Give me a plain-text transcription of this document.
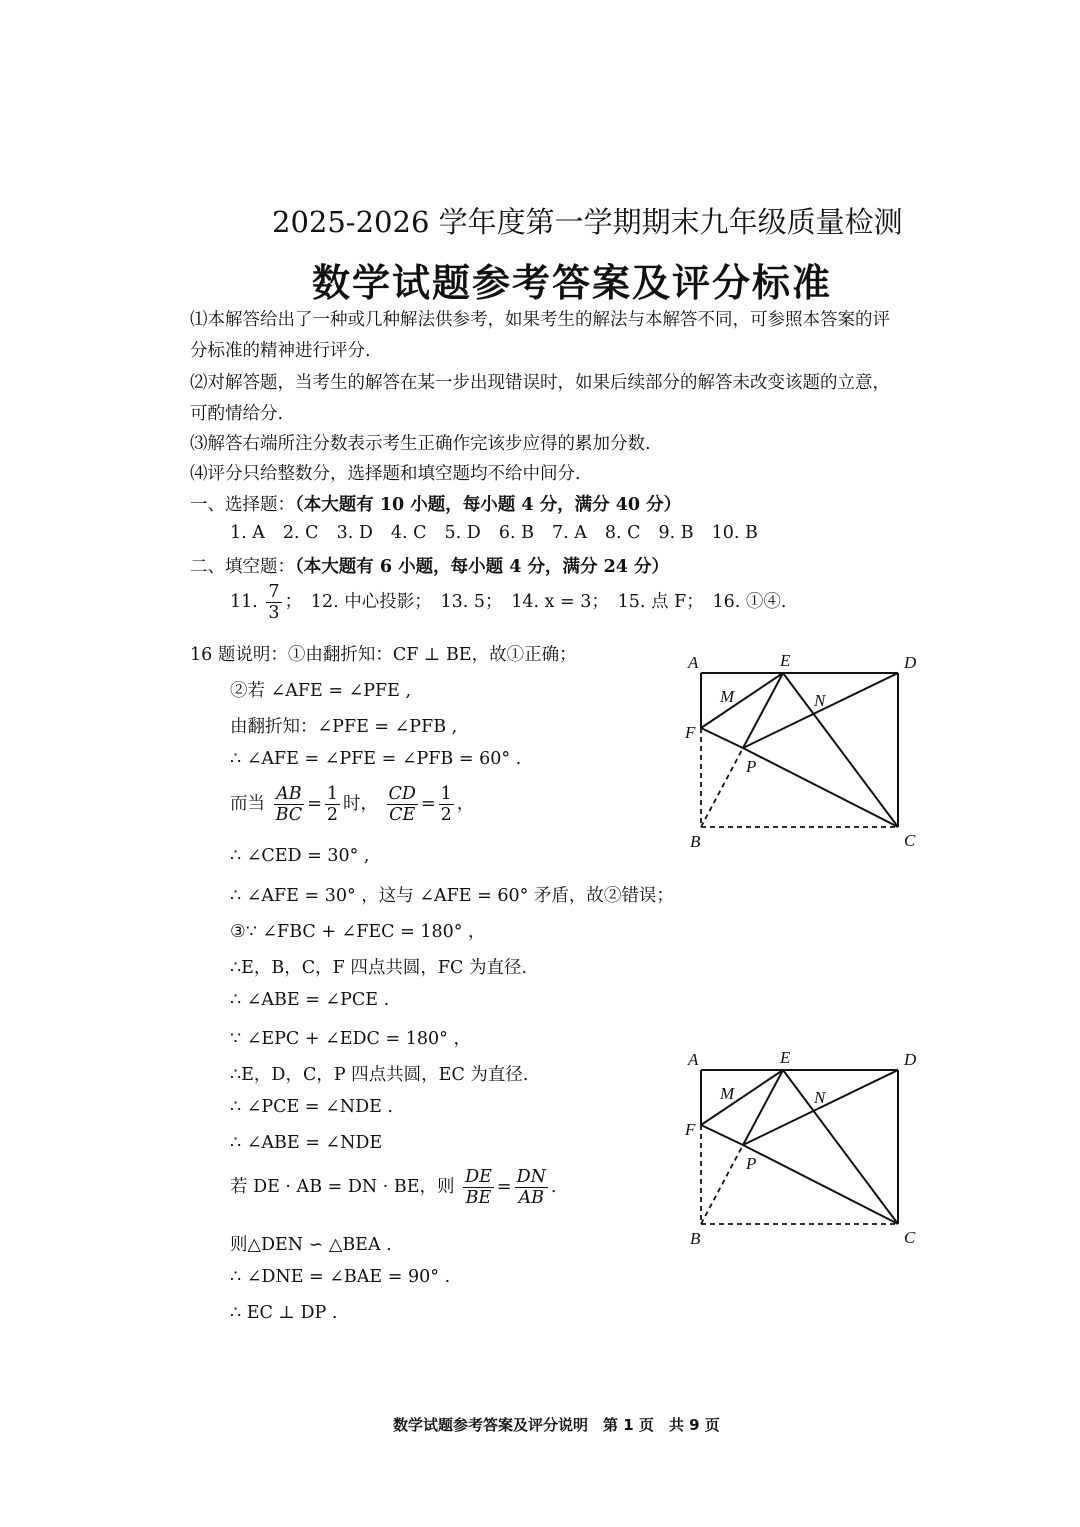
2025-2026 学年度第一学期期末九年级质量检测
数学试题参考答案及评分标准
⑴本解答给出了一种或几种解法供参考，如果考生的解法与本解答不同，可参照本答案的评
分标准的精神进行评分.
⑵对解答题，当考生的解答在某一步出现错误时，如果后续部分的解答未改变该题的立意，
可酌情给分.
⑶解答右端所注分数表示考生正确作完该步应得的累加分数.
⑷评分只给整数分，选择题和填空题均不给中间分.
一、选择题：（本大题有 10 小题，每小题 4 分，满分 40 分）
1. A 2. C 3. D 4. C 5. D 6. B 7. A 8. C 9. B 10. B
二、填空题：（本大题有 6 小题，每小题 4 分，满分 24 分）
11. $\frac{7}{3}$ ；　12. 中心投影；　13. 5；　14. x = 3；　15. 点 F；　16. ①④.
16 题说明：①由翻折知：CF ⊥ BE，故①正确；
②若 ∠AFE = ∠PFE ,
由翻折知：∠PFE = ∠PFB ,
∴ ∠AFE = ∠PFE = ∠PFB = 60° .
而当 $\frac{AB}{BC} = \frac{1}{2}$ 时， $\frac{CD}{CE} = \frac{1}{2}$ ，
∴ ∠CED = 30° ,
∴ ∠AFE = 30° ，这与 ∠AFE = 60° 矛盾，故②错误；
③∵ ∠FBC + ∠FEC = 180° ，
∴E，B，C，F 四点共圆，FC 为直径.
∴ ∠ABE = ∠PCE .
∵ ∠EPC + ∠EDC = 180° ，
∴E，D，C，P 四点共圆，EC 为直径.
∴ ∠PCE = ∠NDE .
∴ ∠ABE = ∠NDE
若 DE · AB = DN · BE，则 $\frac{DE}{BE} = \frac{DN}{AB}$ .
则△DEN ∽ △BEA .
∴ ∠DNE = ∠BAE = 90° .
∴ EC ⊥ DP .
A	E	D
M	N
F
P
B	C
A	E	D
M	N
F
P
B	C
数学试题参考答案及评分说明　第 1 页　共 9 页
